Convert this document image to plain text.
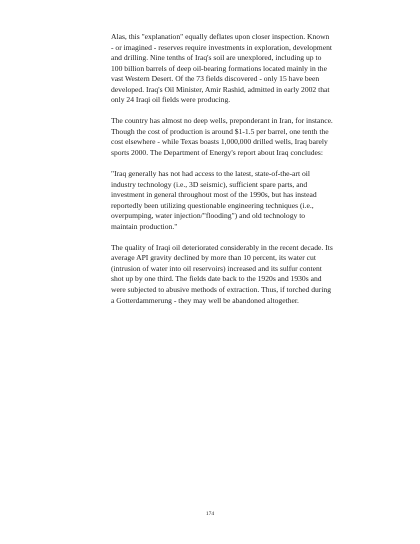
Alas, this "explanation" equally deflates upon closer inspection. Known - or imagined - reserves require investments in exploration, development and drilling. Nine tenths of Iraq's soil are unexplored, including up to 100 billion barrels of deep oil-bearing formations located mainly in the vast Western Desert. Of the 73 fields discovered - only 15 have been developed. Iraq's Oil Minister, Amir Rashid, admitted in early 2002 that only 24 Iraqi oil fields were producing.

The country has almost no deep wells, preponderant in Iran, for instance. Though the cost of production is around $1-1.5 per barrel, one tenth the cost elsewhere - while Texas boasts 1,000,000 drilled wells, Iraq barely sports 2000. The Department of Energy's report about Iraq concludes:

"Iraq generally has not had access to the latest, state-of-the-art oil industry technology (i.e., 3D seismic), sufficient spare parts, and investment in general throughout most of the 1990s, but has instead reportedly been utilizing questionable engineering techniques (i.e., overpumping, water injection/"flooding") and old technology to maintain production."

The quality of Iraqi oil deteriorated considerably in the recent decade. Its average API gravity declined by more than 10 percent, its water cut (intrusion of water into oil reservoirs) increased and its sulfur content shot up by one third. The fields date back to the 1920s and 1930s and were subjected to abusive methods of extraction. Thus, if torched during a Gotterdammerung - they may well be abandoned altogether.

174
